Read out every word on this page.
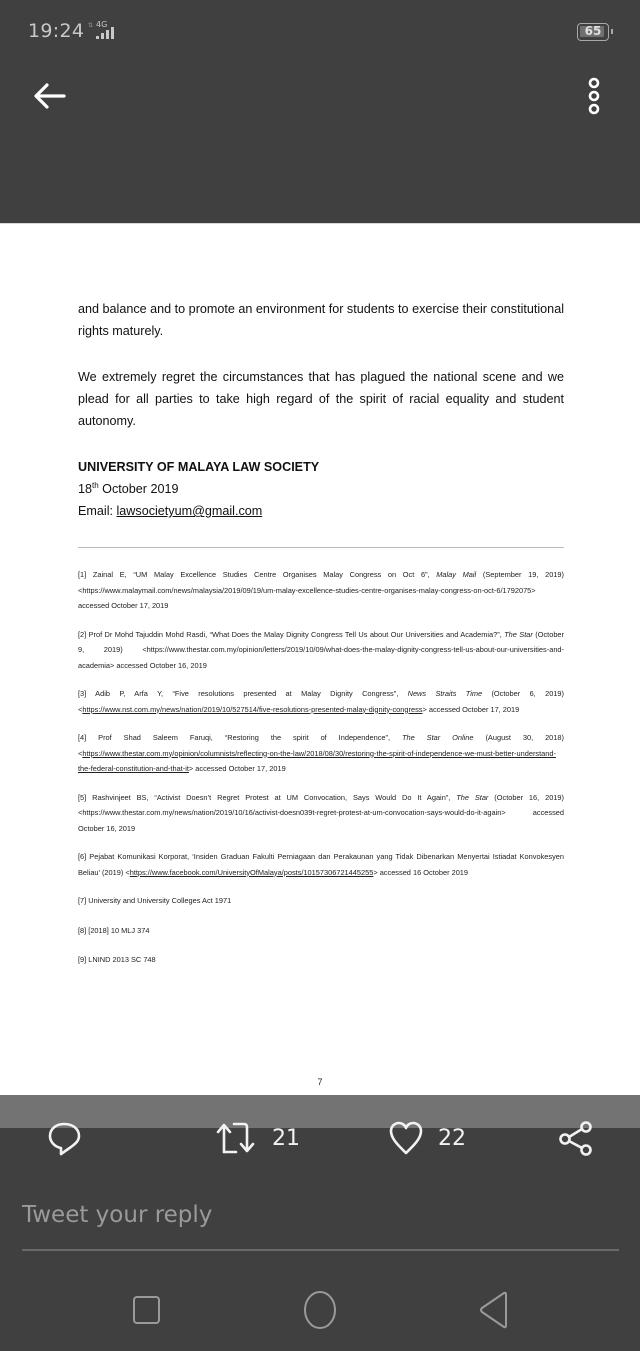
19:24 ⇅ 4G	65

and balance and to promote an environment for students to exercise their constitutional rights maturely.

We extremely regret the circumstances that has plagued the national scene and we plead for all parties to take high regard of the spirit of racial equality and student autonomy.

UNIVERSITY OF MALAYA LAW SOCIETY
18th October 2019
Email: lawsocietyum@gmail.com

[1] Zainal E, “UM Malay Excellence Studies Centre Organises Malay Congress on Oct 6”, Malay Mail (September 19, 2019) <https://www.malaymail.com/news/malaysia/2019/09/19/um-malay-excellence-studies-centre-organises-malay-congress-on-oct-6/1792075> accessed October 17, 2019

[2] Prof Dr Mohd Tajuddin Mohd Rasdi, “What Does the Malay Dignity Congress Tell Us about Our Universities and Academia?”, The Star (October 9, 2019) <https://www.thestar.com.my/opinion/letters/2019/10/09/what-does-the-malay-dignity-congress-tell-us-about-our-universities-and-academia> accessed October 16, 2019

[3] Adib P, Arfa Y, “Five resolutions presented at Malay Dignity Congress”, News Straits Time (October 6, 2019) <https://www.nst.com.my/news/nation/2019/10/527514/five-resolutions-presented-malay-dignity-congress> accessed October 17, 2019

[4] Prof Shad Saleem Faruqi, “Restoring the spirit of Independence”, The Star Online (August 30, 2018) <https://www.thestar.com.my/opinion/columnists/reflecting-on-the-law/2018/08/30/restoring-the-spirit-of-independence-we-must-better-understand-the-federal-constitution-and-that-it> accessed October 17, 2019

[5] Rashvinjeet BS, “Activist Doesn’t Regret Protest at UM Convocation, Says Would Do It Again”, The Star (October 16, 2019) <https://www.thestar.com.my/news/nation/2019/10/16/activist-doesn039t-regret-protest-at-um-convocation-says-would-do-it-again> accessed October 16, 2019

[6] Pejabat Komunikasi Korporat, ‘Insiden Graduan Fakulti Perniagaan dan Perakaunan yang Tidak Dibenarkan Menyertai Istiadat Konvokesyen Beliau’ (2019) <https://www.facebook.com/UniversityOfMalaya/posts/10157306721445255> accessed 16 October 2019

[7] University and University Colleges Act 1971

[8] [2018] 10 MLJ 374

[9] LNIND 2013 SC 748

7
21	22
Tweet your reply
